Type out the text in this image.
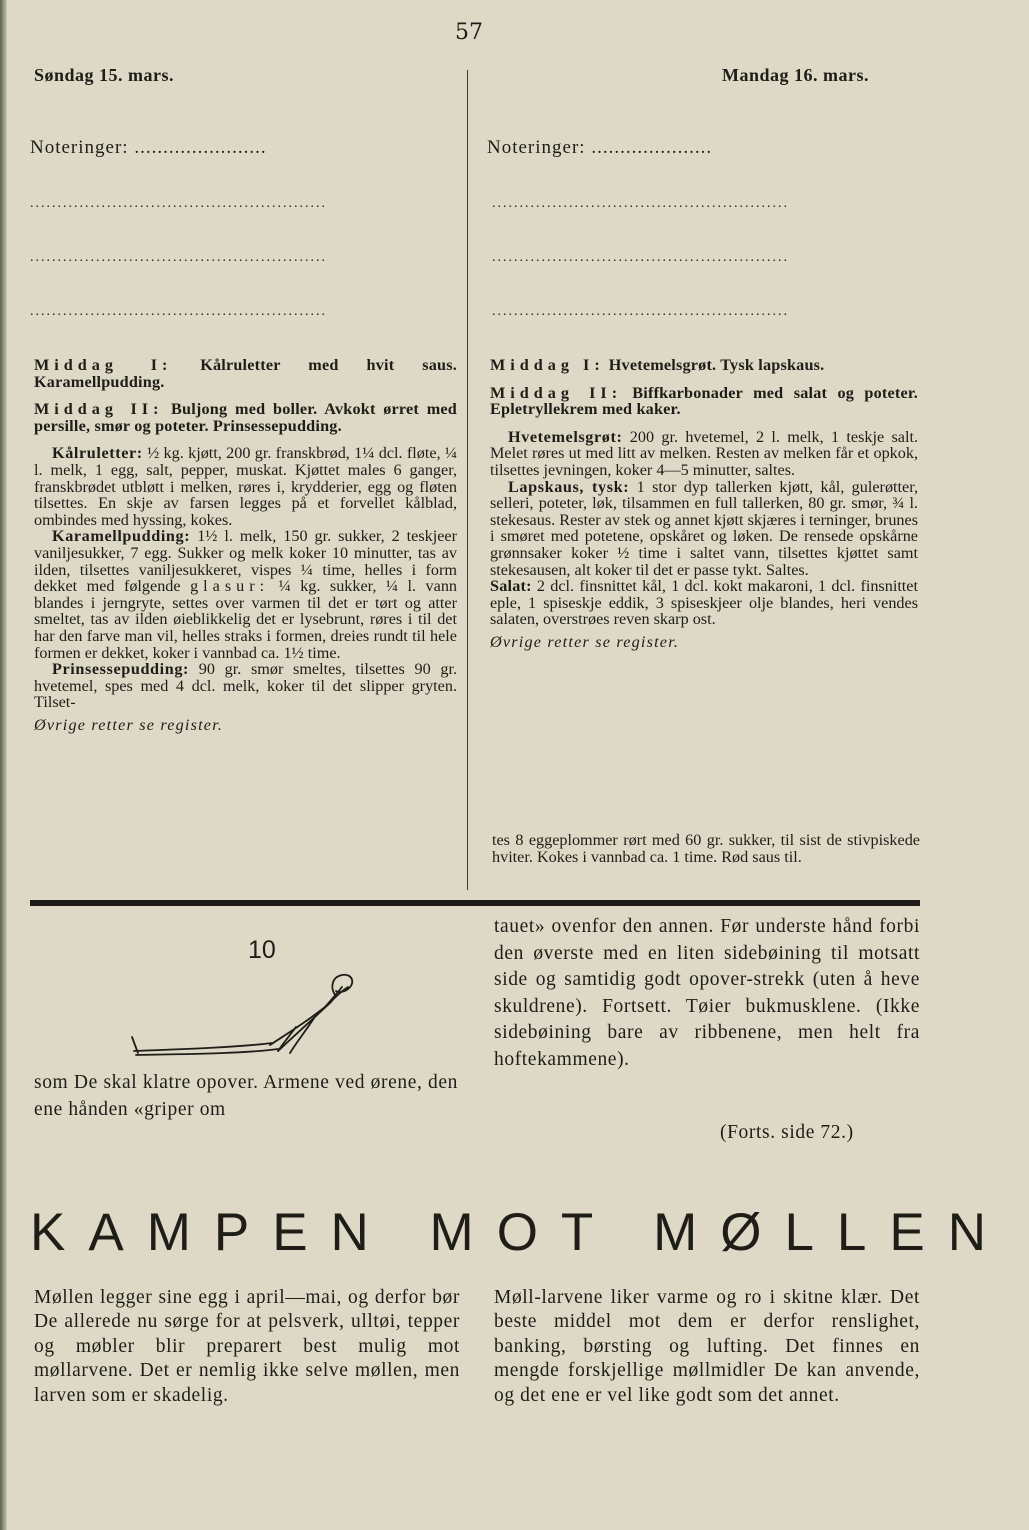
57
Søndag 15. mars.
Noteringer: .......................
......................................................
......................................................
......................................................

Middag I: Kålruletter med hvit saus. Karamellpudding.

Middag II: Buljong med boller. Avkokt ørret med persille, smør og poteter. Prinsessepudding.

Kålruletter: ½ kg. kjøtt, 200 gr. franskbrød, 1¼ dcl. fløte, ¼ l. melk, 1 egg, salt, pepper, muskat. Kjøttet males 6 ganger, franskbrødet utbløtt i melken, røres i, krydderier, egg og fløten tilsettes. En skje av farsen legges på et forvellet kålblad, ombindes med hyssing, kokes.

Karamellpudding: 1½ l. melk, 150 gr. sukker, 2 teskjeer vaniljesukker, 7 egg. Sukker og melk koker 10 minutter, tas av ilden, tilsettes vaniljesukkeret, vispes ¼ time, helles i form dekket med følgende glasur: ¼ kg. sukker, ¼ l. vann blandes i jerngryte, settes over varmen til det er tørt og atter smeltet, tas av ilden øieblikkelig det er lysebrunt, røres i til det har den farve man vil, helles straks i formen, dreies rundt til hele formen er dekket, koker i vannbad ca. 1½ time.

Prinsessepudding: 90 gr. smør smeltes, tilsettes 90 gr. hvetemel, spes med 4 dcl. melk, koker til det slipper gryten. Tilset-

Øvrige retter se register.

Mandag 16. mars.
Noteringer: .....................
......................................................
......................................................
......................................................

Middag I: Hvetemelsgrøt. Tysk lapskaus.

Middag II: Biffkarbonader med salat og poteter. Epletryllekrem med kaker.

Hvetemelsgrøt: 200 gr. hvetemel, 2 l. melk, 1 teskje salt. Melet røres ut med litt av melken. Resten av melken får et opkok, tilsettes jevningen, koker 4—5 minutter, saltes.

Lapskaus, tysk: 1 stor dyp tallerken kjøtt, kål, gulerøtter, selleri, poteter, løk, tilsammen en full tallerken, 80 gr. smør, ¾ l. stekesaus. Rester av stek og annet kjøtt skjæres i terninger, brunes i smøret med potetene, opskåret og løken. De rensede opskårne grønnsaker koker ½ time i saltet vann, tilsettes kjøttet samt stekesausen, alt koker til det er passe tykt. Saltes.

Salat: 2 dcl. finsnittet kål, 1 dcl. kokt makaroni, 1 dcl. finsnittet eple, 1 spiseskje eddik, 3 spiseskjeer olje blandes, heri vendes salaten, overstrøes reven skarp ost.

Øvrige retter se register.

tes 8 eggeplommer rørt med 60 gr. sukker, til sist de stivpiskede hviter. Kokes i vannbad ca. 1 time. Rød saus til.
10
som De skal klatre opover. Armene ved ørene, den ene hånden «griper om
tauet» ovenfor den annen. Før underste hånd forbi den øverste med en liten sidebøining til motsatt side og samtidig godt opover-strekk (uten å heve skuldrene). Fortsett. Tøier bukmusklene. (Ikke sidebøining bare av ribbenene, men helt fra hoftekammene).
(Forts. side 72.)
KAMPEN MOT MØLLEN
Møllen legger sine egg i april—mai, og derfor bør De allerede nu sørge for at pelsverk, ulltøi, tepper og møbler blir preparert best mulig mot møllarvene. Det er nemlig ikke selve møllen, men larven som er skadelig.
Møll-larvene liker varme og ro i skitne klær. Det beste middel mot dem er derfor renslighet, banking, børsting og lufting. Det finnes en mengde forskjellige møllmidler De kan anvende, og det ene er vel like godt som det annet.
